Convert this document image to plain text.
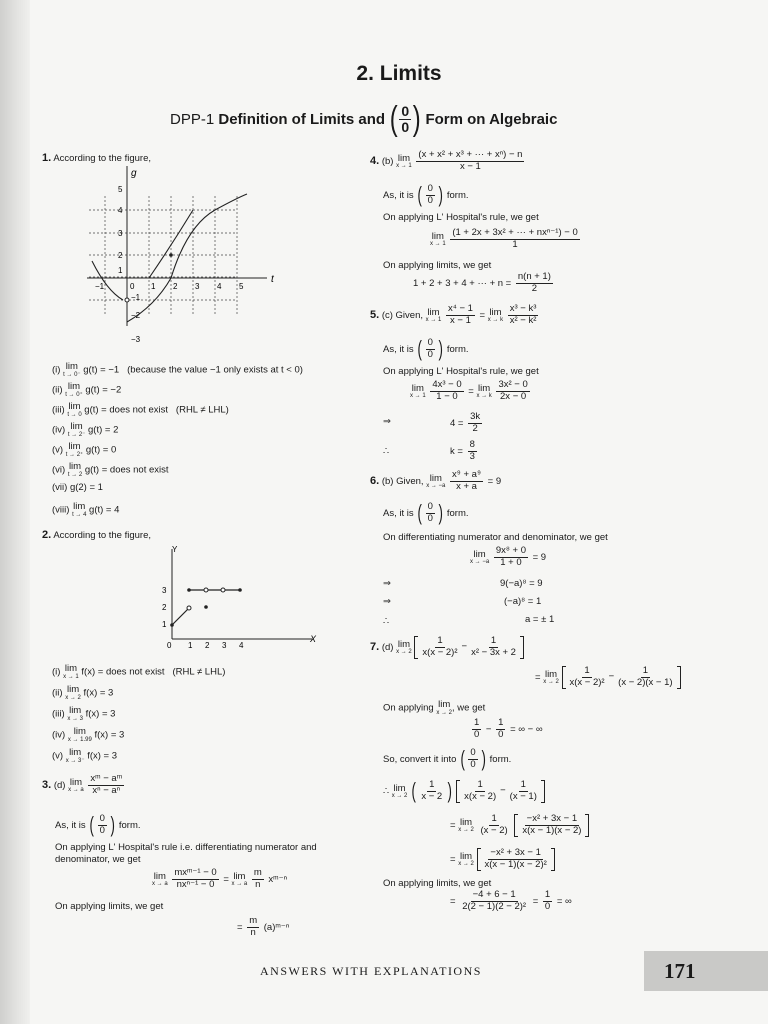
2. Limits
DPP-1
Definition of Limits and ( 0
0 ) Form on Algebraic
1. According to the figure,
g
t
−1	0 1 2 3 4 5
5
4
3
2
1
−1
−2
−3
(i) lim
t → 0⁻ g(t) = −1 (because the value −1 only exists at t < 0)
(ii) lim
t → 0⁺ g(t) = −2
(iii) lim
t → 0 g(t) = does not exist (RHL ≠ LHL)
(iv) lim
t → 2⁻ g(t) = 2
(v) lim
t → 2⁺ g(t) = 0
(vi) lim
t → 2 g(t) = does not exist
(vii) g(2) = 1
(viii) lim
t → 4 g(t) = 4
2. According to the figure,
Y
X
0 1 2 3 4
3
2
1
(i) lim
x → 1 f(x) = does not exist (RHL ≠ LHL)
(ii) lim
x → 2 f(x) = 3
(iii) lim
x → 3 f(x) = 3
(iv) lim
x → 1.99 f(x) = 3
(v) lim
x → 3⁻ f(x) = 3
3. (d) lim
x → a
$\frac{\text{xᵐ − aᵐ}}{\text{xⁿ − aⁿ}}$
As, it is ( $\frac{0}{0}$ ) form.
On applying L' Hospital's rule i.e. differentiating numerator and
denominator, we get
lim
x → a
$\frac{\text{mxᵐ⁻¹ − 0}}{\text{nxⁿ⁻¹ − 0}} = \lim$
x → a
$\frac{m}{n}$ xᵐ⁻ⁿ
On applying limits, we get
= $\frac{m}{n}$ (a)ᵐ⁻ⁿ
4. (b) lim
x → 1
$\frac{\text{(x + x² + x³ + ··· + xⁿ) − n}}{x - 1}$
As, it is ( $\frac{0}{0}$ ) form.
On applying L' Hospital's rule, we get
lim
x → 1
$\frac{\text{(1 + 2x + 3x² + ··· + nxⁿ⁻¹) − 0}}{1}$
On applying limits, we get
1 + 2 + 3 + 4 + ··· + $n = \frac{n(n + 1)}{2}$
5. (c) Given, lim
x → 1
$\frac{\text{x⁴ − 1}}{x - 1} = \lim$
x → k
$\frac{\text{x³ − k³}}{\text{x² − k²}}$
As, it is ( $\frac{0}{0}$ ) form.
On applying L' Hospital's rule, we get
lim
x → 1
$\frac{\text{4x³ − 0}}{1 - 0} = \lim$
x → k
$\frac{\text{3x² − 0}}{2x - 0}$
⇒	$4 = \frac{3k}{2}$
∴	$k = \frac{8}{3}$
6. (b) Given, lim
x → −a
$\frac{\text{x⁹ + a⁹}}{x + a} = 9$
As, it is ( $\frac{0}{0}$ ) form.
On differentiating numerator and denominator, we get
lim
x → −a
$\frac{\text{9x⁸ + 0}}{1 + 0} = 9$
⇒	9(−a)⁸ = 9
⇒	(−a)⁸ = 1
∴	a = ± 1
7. (d) lim
x → 2
$\frac{1}{\text{x(x − 2)²}} - \frac{1}{\text{x² − 3x + 2}}$
= lim
x → 2
$\frac{1}{\text{x(x − 2)²}} - \frac{1}{(x - 2)(x - 1)}$
On applying lim
x → 2 , we get
$\frac{1}{0} - \frac{1}{0}$ = ∞ − ∞
So, convert it into ( $\frac{0}{0}$ ) form.
∴ lim
x → 2
( $\frac{1}{x - 2}$ )
$\frac{1}{x(x - 2)} - \frac{1}{(x - 1)}$
= lim
x → 2
$\frac{1}{(x - 2)}$
$\frac{\text{−x² + 3x − 1}}{x(x - 1)(x - 2)}$
= lim
x → 2
$\frac{\text{−x² + 3x − 1}}{\text{x(x − 1)(x − 2)²}}$
On applying limits, we get
= $\frac{-4 + 6 - 1}{\text{2(2 − 1)(2 − 2)²}} = \frac{1}{0}$ = ∞
ANSWERS WITH EXPLANATIONS	171
